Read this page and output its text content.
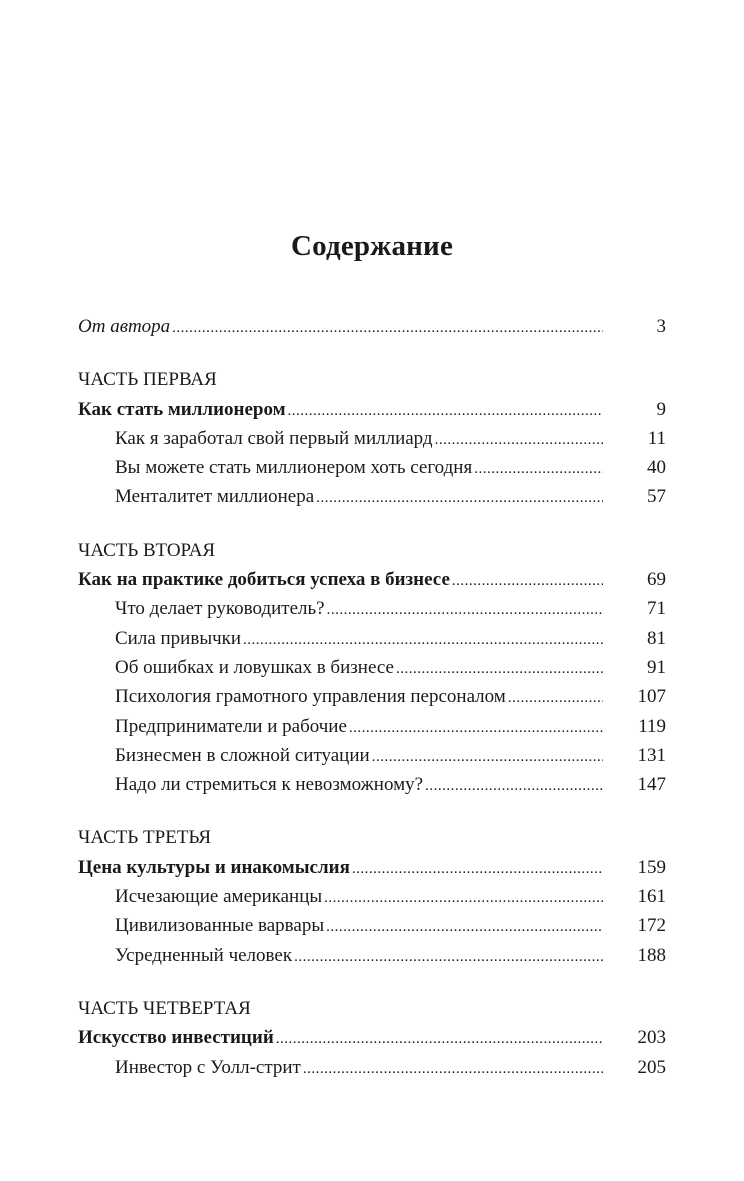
Содержание
От автора .....	3
ЧАСТЬ ПЕРВАЯ
Как стать миллионером .....	9
Как я заработал свой первый миллиард .....	11
Вы можете стать миллионером хоть сегодня .....	40
Менталитет миллионера .....	57
ЧАСТЬ ВТОРАЯ
Как на практике добиться успеха в бизнесе .....	69
Что делает руководитель? .....	71
Сила привычки .....	81
Об ошибках и ловушках в бизнесе .....	91
Психология грамотного управления персоналом .....	107
Предприниматели и рабочие .....	119
Бизнесмен в сложной ситуации .....	131
Надо ли стремиться к невозможному? .....	147
ЧАСТЬ ТРЕТЬЯ
Цена культуры и инакомыслия .....	159
Исчезающие американцы .....	161
Цивилизованные варвары .....	172
Усредненный человек .....	188
ЧАСТЬ ЧЕТВЕРТАЯ
Искусство инвестиций .....	203
Инвестор с Уолл-стрит .....	205
